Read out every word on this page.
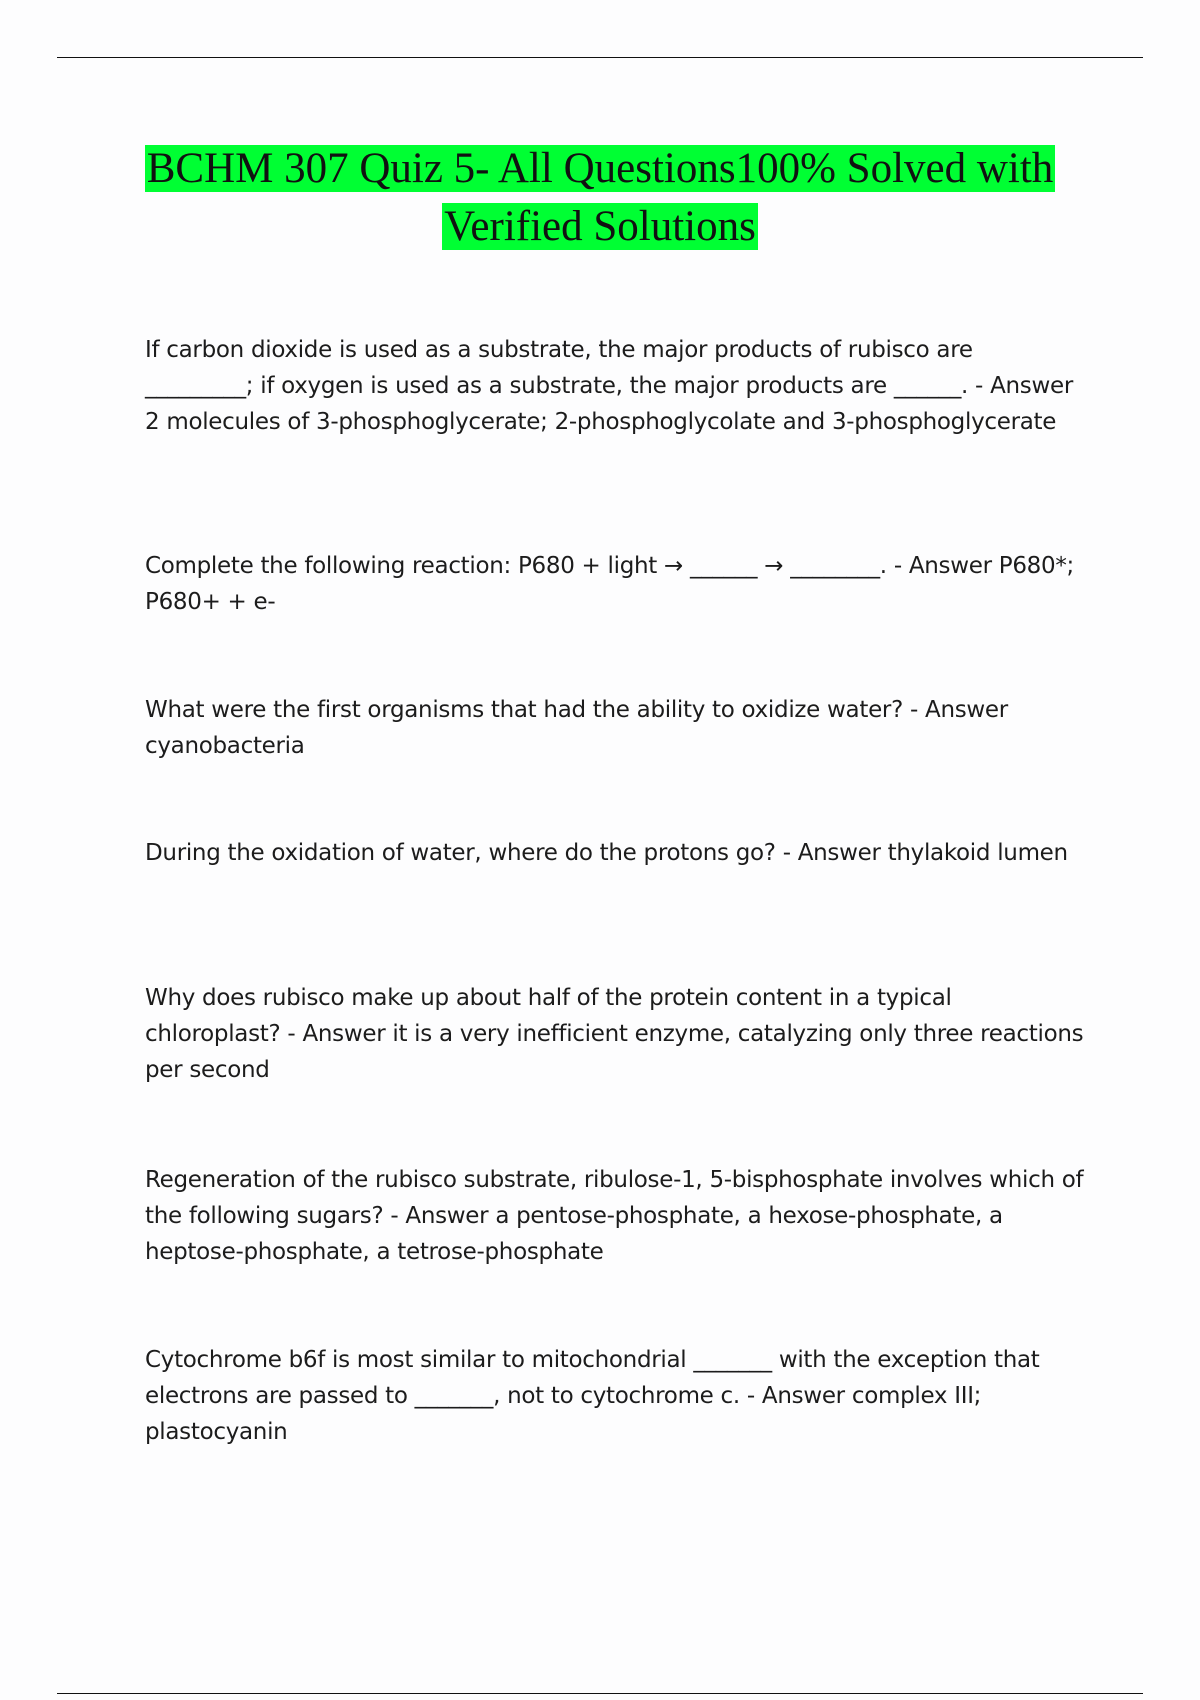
BCHM 307 Quiz 5- All Questions100% Solved with Verified Solutions

If carbon dioxide is used as a substrate, the major products of rubisco are _________; if oxygen is used as a substrate, the major products are ______. - Answer 2 molecules of 3-phosphoglycerate; 2-phosphoglycolate and 3-phosphoglycerate

Complete the following reaction: P680 + light → ______ → ________. - Answer P680*; P680+ + e-

What were the first organisms that had the ability to oxidize water? - Answer cyanobacteria

During the oxidation of water, where do the protons go? - Answer thylakoid lumen

Why does rubisco make up about half of the protein content in a typical chloroplast? - Answer it is a very inefficient enzyme, catalyzing only three reactions per second

Regeneration of the rubisco substrate, ribulose-1, 5-bisphosphate involves which of the following sugars? - Answer a pentose-phosphate, a hexose-phosphate, a heptose-phosphate, a tetrose-phosphate

Cytochrome b6f is most similar to mitochondrial _______ with the exception that electrons are passed to _______, not to cytochrome c. - Answer complex III; plastocyanin
